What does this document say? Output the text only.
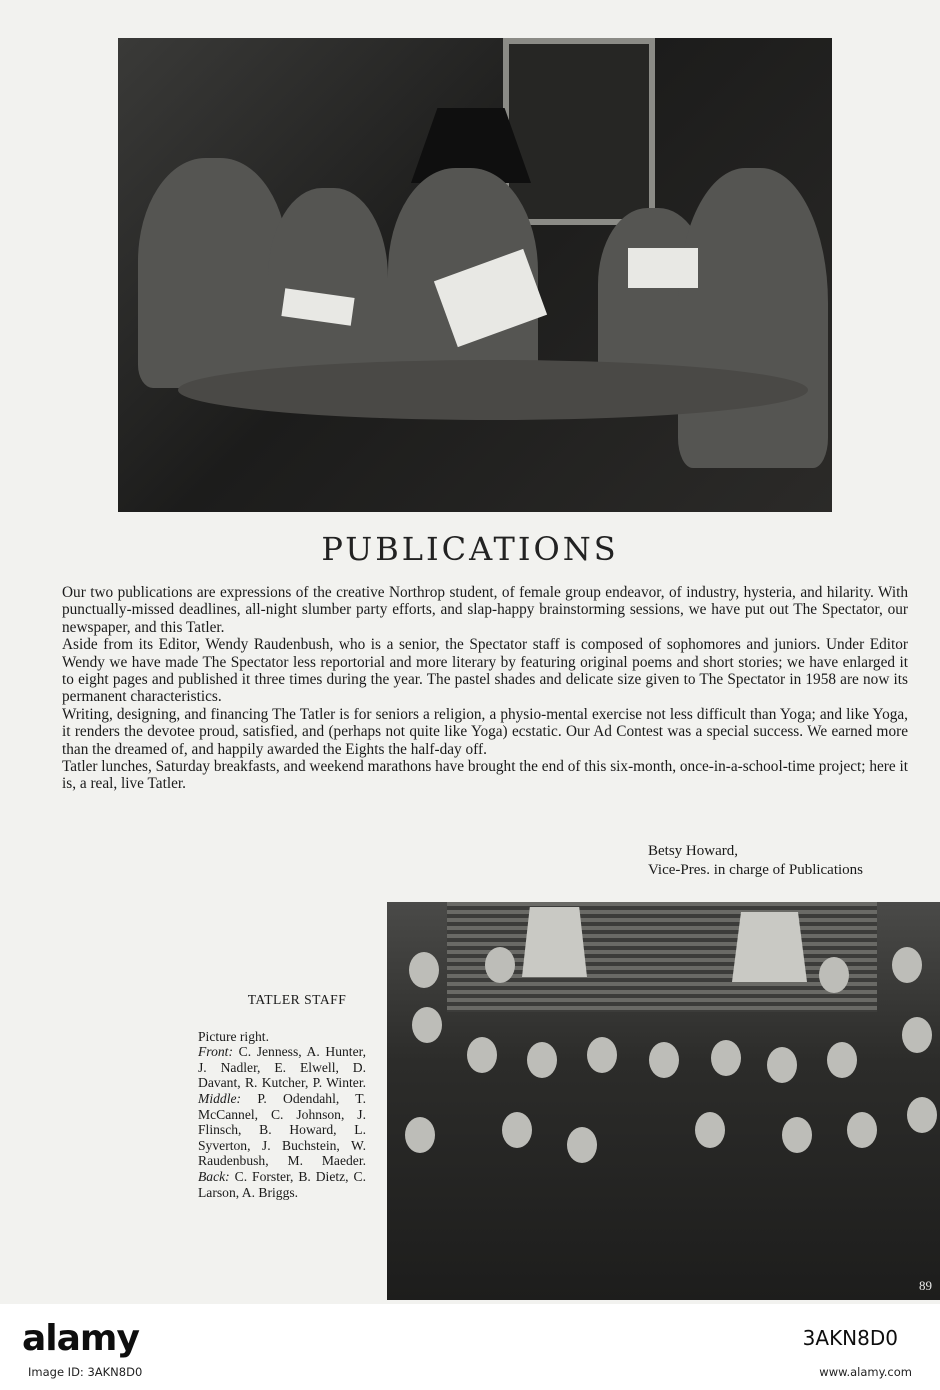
PUBLICATIONS

Our two publications are expressions of the creative Northrop student, of female group endeavor, of industry, hysteria, and hilarity. With punctually-missed deadlines, all-night slumber party efforts, and slap-happy brainstorming sessions, we have put out The Spectator, our newspaper, and this Tatler.

Aside from its Editor, Wendy Raudenbush, who is a senior, the Spectator staff is composed of sophomores and juniors. Under Editor Wendy we have made The Spectator less reportorial and more literary by featuring original poems and short stories; we have enlarged it to eight pages and published it three times during the year. The pastel shades and delicate size given to The Spectator in 1958 are now its permanent characteristics.

Writing, designing, and financing The Tatler is for seniors a religion, a physio-mental exercise not less difficult than Yoga; and like Yoga, it renders the devotee proud, satisfied, and (perhaps not quite like Yoga) ecstatic. Our Ad Contest was a special success. We earned more than the dreamed of, and happily awarded the Eights the half-day off.

Tatler lunches, Saturday breakfasts, and weekend marathons have brought the end of this six-month, once-in-a-school-time project; here it is, a real, live Tatler.

Betsy Howard,
Vice-Pres. in charge of Publications
TATLER STAFF
Picture right.
Front: C. Jenness, A. Hunter, J. Nadler, E. Elwell, D. Davant, R. Kutcher, P. Winter. Middle: P. Odendahl, T. McCannel, C. Johnson, J. Flinsch, B. Howard, L. Syverton, J. Buchstein, W. Raudenbush, M. Maeder. Back: C. Forster, B. Dietz, C. Larson, A. Briggs.
89
alamy	3AKN8D0
Image ID: 3AKN8D0	www.alamy.com
